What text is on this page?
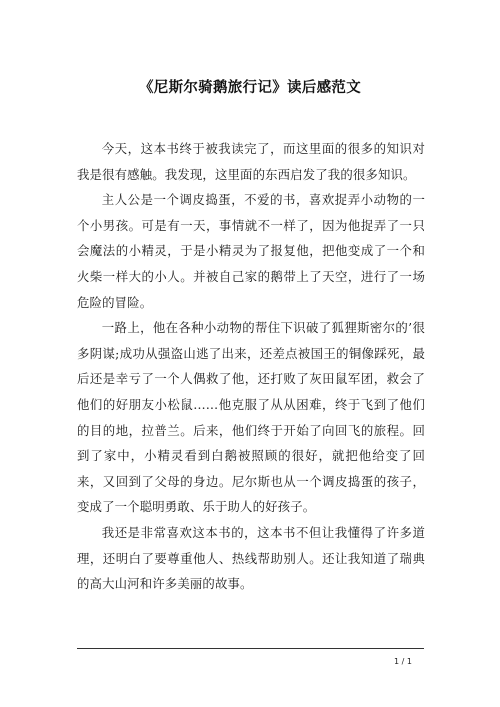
《尼斯尔骑鹅旅行记》读后感范文

今天，这本书终于被我读完了，而这里面的很多的知识对我是很有感触。我发现，这里面的东西启发了我的很多知识。

主人公是一个调皮捣蛋，不爱的书，喜欢捉弄小动物的一个小男孩。可是有一天，事情就不一样了，因为他捉弄了一只会魔法的小精灵，于是小精灵为了报复他，把他变成了一个和火柴一样大的小人。并被自己家的鹅带上了天空，进行了一场危险的冒险。

一路上，他在各种小动物的帮住下识破了狐狸斯密尔的’很多阴谋;成功从强盗山逃了出来，还差点被国王的铜像踩死，最后还是幸亏了一个人偶救了他，还打败了灰田鼠军团，救会了他们的好朋友小松鼠……他克服了从从困难，终于飞到了他们的目的地，拉普兰。后来，他们终于开始了向回飞的旅程。回到了家中，小精灵看到白鹅被照顾的很好，就把他给变了回来，又回到了父母的身边。尼尔斯也从一个调皮捣蛋的孩子，变成了一个聪明勇敢、乐于助人的好孩子。

我还是非常喜欢这本书的，这本书不但让我懂得了许多道理，还明白了要尊重他人、热线帮助别人。还让我知道了瑞典的高大山河和许多美丽的故事。

1 / 1
